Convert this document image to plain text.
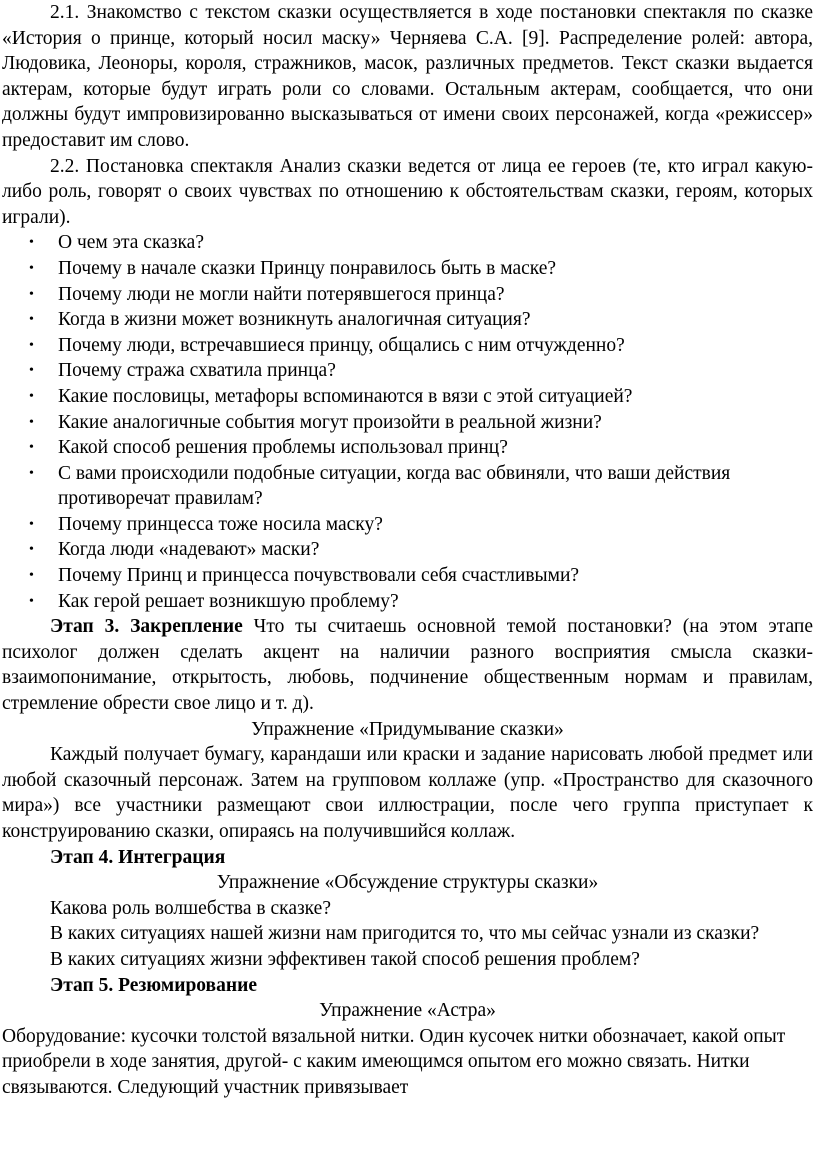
2.1. Знакомство с текстом сказки осуществляется в ходе постановки спектакля по сказке «История о принце, который носил маску» Черняева С.А. [9]. Распределение ролей: автора, Людовика, Леоноры, короля, стражников, масок, различных предметов. Текст сказки выдается актерам, которые будут играть роли со словами. Остальным актерам, сообщается, что они должны будут импровизированно высказываться от имени своих персонажей, когда «режиссер» предоставит им слово.

2.2. Постановка спектакля Анализ сказки ведется от лица ее героев (те, кто играл какую-либо роль, говорят о своих чувствах по отношению к обстоятельствам сказки, героям, которых играли).

• О чем эта сказка?
• Почему в начале сказки Принцу понравилось быть в маске?
• Почему люди не могли найти потерявшегося принца?
• Когда в жизни может возникнуть аналогичная ситуация?
• Почему люди, встречавшиеся принцу, общались с ним отчужденно?
• Почему стража схватила принца?
• Какие пословицы, метафоры вспоминаются в вязи с этой ситуацией?
• Какие аналогичные события могут произойти в реальной жизни?
• Какой способ решения проблемы использовал принц?
• С вами происходили подобные ситуации, когда вас обвиняли, что ваши действия противоречат правилам?
• Почему принцесса тоже носила маску?
• Когда люди «надевают» маски?
• Почему Принц и принцесса почувствовали себя счастливыми?
• Как герой решает возникшую проблему?

Этап 3. Закрепление Что ты считаешь основной темой постановки? (на этом этапе психолог должен сделать акцент на наличии разного восприятия смысла сказки- взаимопонимание, открытость, любовь, подчинение общественным нормам и правилам, стремление обрести свое лицо и т. д).

Упражнение «Придумывание сказки»

Каждый получает бумагу, карандаши или краски и задание нарисовать любой предмет или любой сказочный персонаж. Затем на групповом коллаже (упр. «Пространство для сказочного мира») все участники размещают свои иллюстрации, после чего группа приступает к конструированию сказки, опираясь на получившийся коллаж.

Этап 4. Интеграция

Упражнение «Обсуждение структуры сказки»

Какова роль волшебства в сказке?

В каких ситуациях нашей жизни нам пригодится то, что мы сейчас узнали из сказки?

В каких ситуациях жизни эффективен такой способ решения проблем?

Этап 5. Резюмирование

Упражнение «Астра»

Оборудование: кусочки толстой вязальной нитки. Один кусочек нитки обозначает, какой опыт приобрели в ходе занятия, другой- с каким имеющимся опытом его можно связать. Нитки связываются. Следующий участник привязывает
